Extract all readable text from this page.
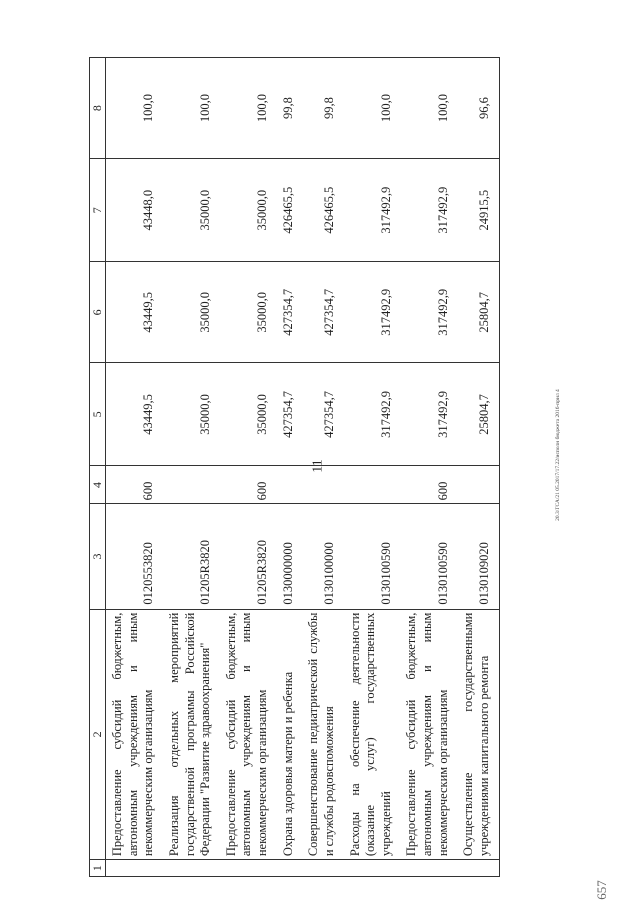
11	20.3/ГСА/21 05.2017/17.22/исполн бюджета 2016-прил 4
657
1	2	3	4	5	6	7	8
	Предоставление субсидий бюджетным, автономным учреждениям и иным некоммерческим организациям	0120553820	600	43449,5	43449,5	43448,0	100,0
	Реализация отдельных мероприятий государственной программы Российской Федерации "Развитие здравоохранения"	01205R3820		35000,0	35000,0	35000,0	100,0
	Предоставление субсидий бюджетным, автономным учреждениям и иным некоммерческим организациям	01205R3820	600	35000,0	35000,0	35000,0	100,0
	Охрана здоровья матери и ребенка	0130000000		427354,7	427354,7	426465,5	99,8
	Совершенствование педиатрической службы и службы родовспоможения	0130100000		427354,7	427354,7	426465,5	99,8
	Расходы на обеспечение деятельности (оказание услуг) государственных учреждений	0130100590		317492,9	317492,9	317492,9	100,0
	Предоставление субсидий бюджетным, автономным учреждениям и иным некоммерческим организациям	0130100590	600	317492,9	317492,9	317492,9	100,0
	Осуществление государственными учреждениями капитального ремонта	0130109020		25804,7	25804,7	24915,5	96,6
